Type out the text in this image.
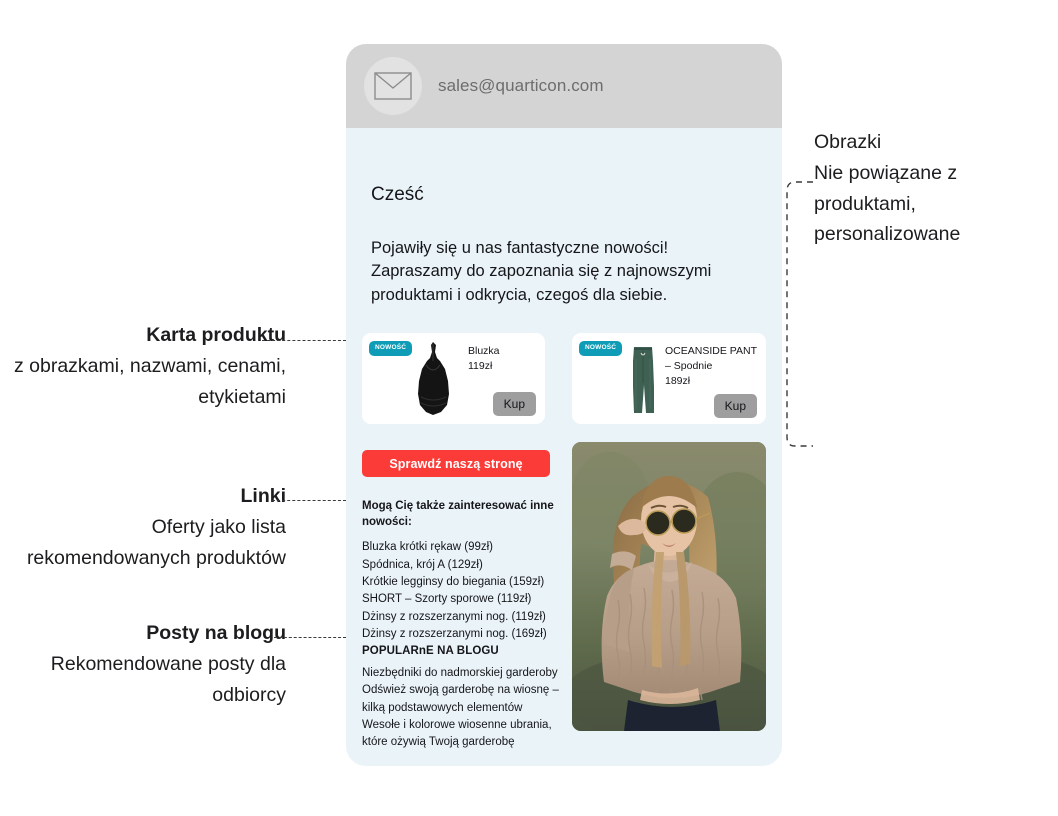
sales@quarticon.com
Cześć
Pojawiły się u nas fantastyczne nowości! Zapraszamy do zapoznania się z najnowszymi produktami i odkrycia, czegoś dla siebie.
NOWOŚĆ	Bluzka
119zł
Kup
NOWOŚĆ	OCEANSIDE PANT – Spodnie
189zł
Kup
Sprawdź naszą stronę
Mogą Cię także zainteresować inne nowości:
Bluzka krótki rękaw (99zł)
Spódnica, krój A (129zł)
Krótkie legginsy do biegania (159zł)
SHORT – Szorty sporowe (119zł)
Dżinsy z rozszerzanymi nog. (119zł)
Dżinsy z rozszerzanymi nog. (169zł)
POPULARnE NA BLOGU
Niezbędniki do nadmorskiej garderoby
Odśwież swoją garderobę na wiosnę – kilką podstawowych elementów
Wesołe i kolorowe wiosenne ubrania, które ożywią Twoją garderobę
Karta produktu
z obrazkami, nazwami, cenami, etykietami
Linki
Oferty jako lista rekomendowanych produktów
Posty na blogu
Rekomendowane posty dla odbiorcy
Obrazki
Nie powiązane z produktami, personalizowane
